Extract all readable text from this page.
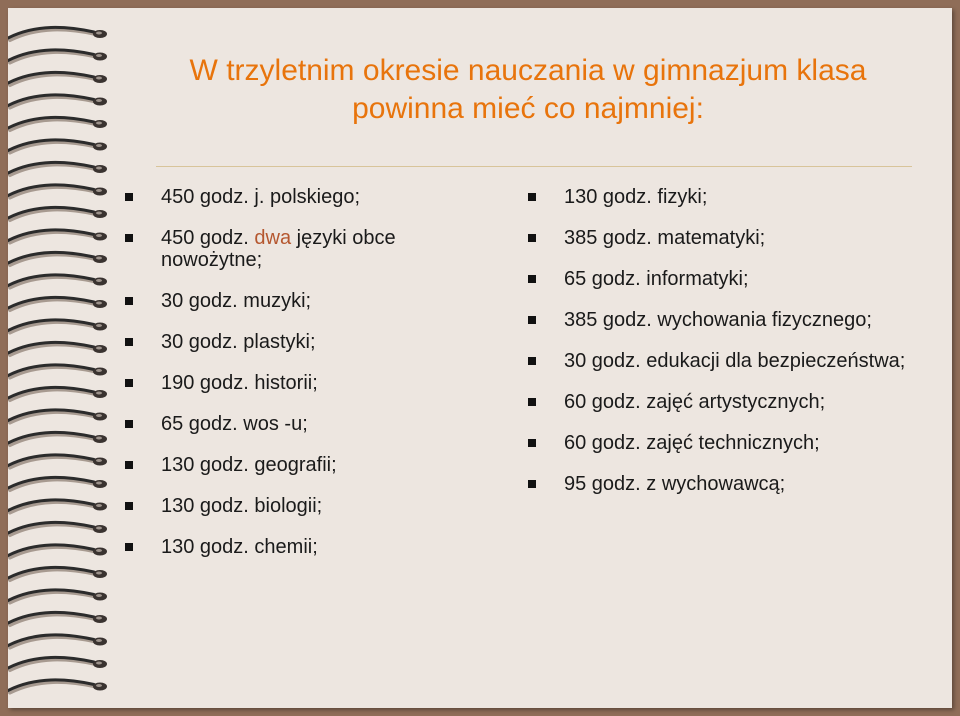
W trzyletnim okresie nauczania w gimnazjum klasa
powinna mieć co najmniej:
450 godz. j. polskiego;
450 godz. dwa języki obce nowożytne;
30 godz. muzyki;
30 godz. plastyki;
190 godz. historii;
65 godz. wos -u;
130 godz. geografii;
130 godz. biologii;
130 godz. chemii;
130 godz. fizyki;
385 godz. matematyki;
65 godz. informatyki;
385 godz. wychowania fizycznego;
30 godz. edukacji dla bezpieczeństwa;
60 godz. zajęć artystycznych;
60 godz. zajęć technicznych;
95 godz. z wychowawcą;
